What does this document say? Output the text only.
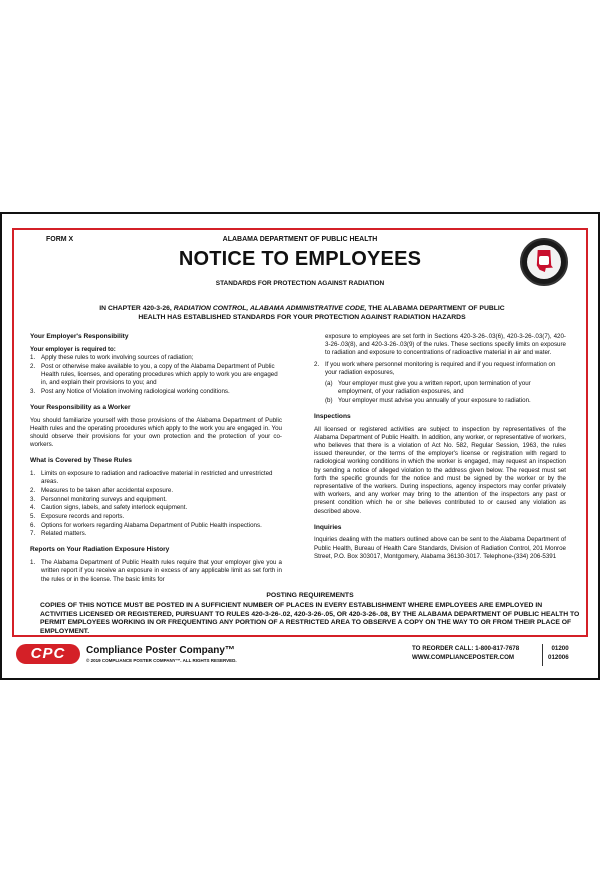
FORM X	ALABAMA DEPARTMENT OF PUBLIC HEALTH
NOTICE TO EMPLOYEES
STANDARDS FOR PROTECTION AGAINST RADIATION
IN CHAPTER 420-3-26, RADIATION CONTROL, ALABAMA ADMINISTRATIVE CODE, THE ALABAMA DEPARTMENT OF PUBLIC HEALTH HAS ESTABLISHED STANDARDS FOR YOUR PROTECTION AGAINST RADIATION HAZARDS
Your Employer's Responsibility
Your employer is required to:
1. Apply these rules to work involving sources of radiation;
2. Post or otherwise make available to you, a copy of the Alabama Department of Public Health rules, licenses, and operating procedures which apply to work you are engaged in, and explain their provisions to you; and
3. Post any Notice of Violation involving radiological working conditions.
Your Responsibility as a Worker

You should familiarize yourself with those provisions of the Alabama Department of Public Health rules and the operating procedures which apply to the work you are engaged in. You should observe their provisions for your own protection and the protection of your co-workers.

What is Covered by These Rules
1. Limits on exposure to radiation and radioactive material in restricted and unrestricted areas.
2. Measures to be taken after accidental exposure.
3. Personnel monitoring surveys and equipment.
4. Caution signs, labels, and safety interlock equipment.
5. Exposure records and reports.
6. Options for workers regarding Alabama Department of Public Health inspections.
7. Related matters.
Reports on Your Radiation Exposure History
1. The Alabama Department of Public Health rules require that your employer give you a written report if you receive an exposure in excess of any applicable limit as set forth in the rules or in the license. The basic limits for

exposure to employees are set forth in Sections 420-3-26-.03(6), 420-3-26-.03(7), 420-3-26-.03(8), and 420-3-26-.03(9) of the rules. These sections specify limits on exposure to radiation and exposure to concentrations of radioactive material in air and water.

2. If you work where personnel monitoring is required and if you request information on your radiation exposures,
(a) Your employer must give you a written report, upon termination of your employment, of your radiation exposures, and
(b) Your employer must advise you annually of your exposure to radiation.
Inspections

All licensed or registered activities are subject to inspection by representatives of the Alabama Department of Public Health. In addition, any worker, or representative of workers, who believes that there is a violation of Act No. 582, Regular Session, 1963, the rules issued thereunder, or the terms of the employer's license or registration with regard to radiological working conditions in which the worker is engaged, may request an inspection by sending a notice of alleged violation to the address given below. The request must set forth the specific grounds for the notice and must be signed by the worker or by the representative of the workers. During inspections, agency inspectors may confer privately with workers, and any worker may bring to the attention of the inspectors any past or present condition which he or she believes contributed to or caused any violation as described above.

Inquiries

Inquiries dealing with the matters outlined above can be sent to the Alabama Department of Public Health, Bureau of Health Care Standards, Division of Radiation Control, 201 Monroe Street, P.O. Box 303017, Montgomery, Alabama 36130-3017. Telephone-(334) 206-5391

POSTING REQUIREMENTS
COPIES OF THIS NOTICE MUST BE POSTED IN A SUFFICIENT NUMBER OF PLACES IN EVERY ESTABLISHMENT WHERE EMPLOYEES ARE EMPLOYED IN ACTIVITIES LICENSED OR REGISTERED, PURSUANT TO RULES 420-3-26-.02, 420-3-26-.05, OR 420-3-26-.08, BY THE ALABAMA DEPARTMENT OF PUBLIC HEALTH TO PERMIT EMPLOYEES WORKING IN OR FREQUENTING ANY PORTION OF A RESTRICTED AREA TO OBSERVE A COPY ON THE WAY TO OR FROM THEIR PLACE OF EMPLOYMENT.
CPC	Compliance Poster Company™
© 2019 COMPLIANCE POSTER COMPANY™. ALL RIGHTS RESERVED.
TO REORDER CALL: 1-800-817-7678
WWW.COMPLIANCEPOSTER.COM
01200
012006
